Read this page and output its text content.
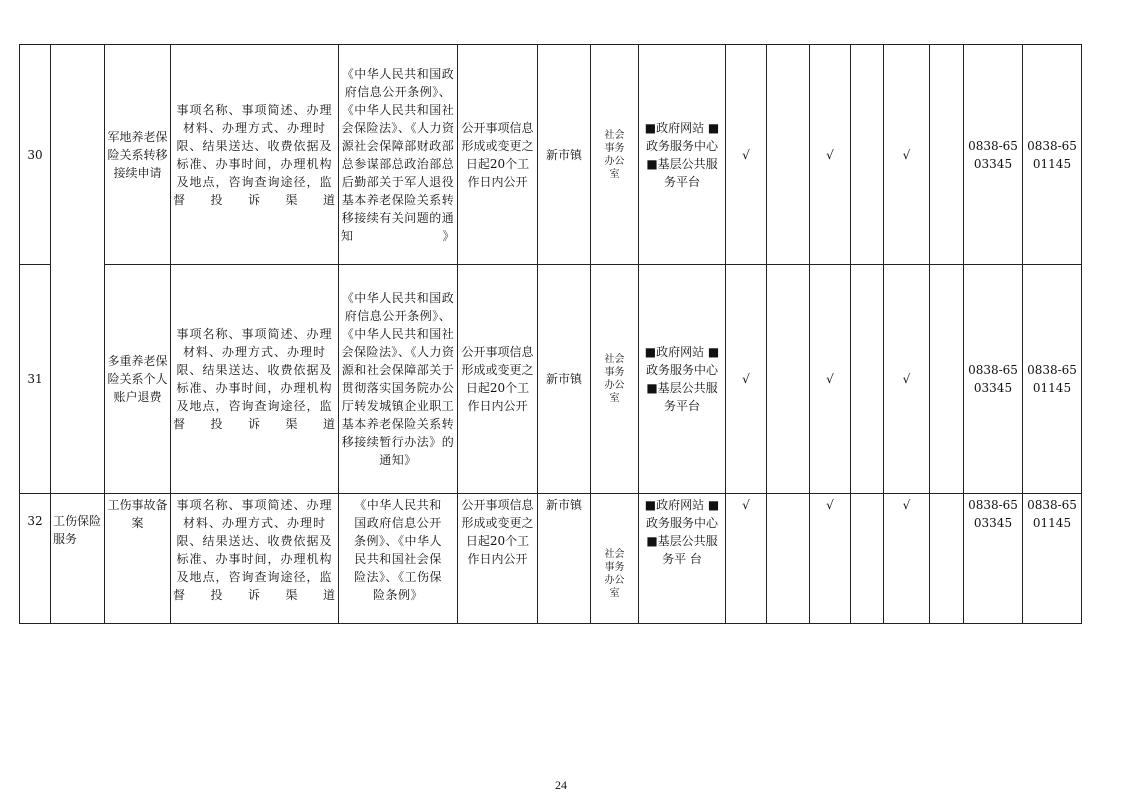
30		军地养老保险关系转移接续申请	事项名称、事项简述、办理材料、办理方式、办理时限、结果送达、收费依据及标准、办事时间，办理机构及地点，咨询查询途径，监督投诉渠道	《中华人民共和国政府信息公开条例》、《中华人民共和国社会保险法》、《人力资源社会保障部财政部总参谋部总政治部总后勤部关于军人退役基本养老保险关系转移接续有关问题的通知》	公开事项信息形成或变更之日起20个工作日内公开	新市镇	社会事务办公室	■政府网站 ■政务服务中心 ■基层公共服务平台	√		√		√		0838-6503345	0838-6501145
31		多重养老保险关系个人账户退费	事项名称、事项简述、办理材料、办理方式、办理时限、结果送达、收费依据及标准、办事时间，办理机构及地点，咨询查询途径，监督投诉渠道	《中华人民共和国政府信息公开条例》、《中华人民共和国社会保险法》、《人力资源和社会保障部关于贯彻落实国务院办公厅转发城镇企业职工基本养老保险关系转移接续暂行办法》的通知》	公开事项信息形成或变更之日起20个工作日内公开	新市镇	社会事务办公室	■政府网站 ■政务服务中心 ■基层公共服务平台	√		√		√		0838-6503345	0838-6501145
32	工伤保险服务	工伤事故备案	事项名称、事项简述、办理材料、办理方式、办理时限、结果送达、收费依据及标准、办事时间，办理机构及地点，咨询查询途径，监督投诉渠道	《中华人民共和国政府信息公开条例》、《中华人民共和国社会保险法》、《工伤保险条例》	公开事项信息形成或变更之日起20个工作日内公开	新市镇	社会事务办公室	■政府网站 ■政务服务中心 ■基层公共服务平 台	√		√		√		0838-6503345	0838-6501145
24
